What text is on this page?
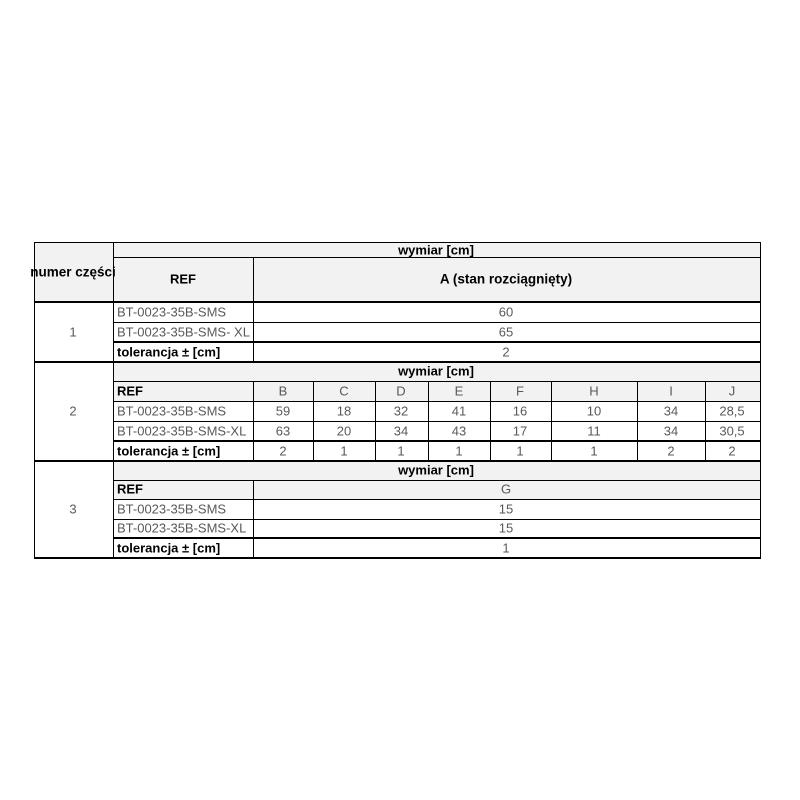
numer części
1
wymiar [cm]
REF	A (stan rozciągnięty)
BT-0023-35B-SMS	60
BT-0023-35B-SMS- XL	65
tolerancja ± [cm]	2
2
wymiar [cm]
REF	B	C	D	E	F	H	I	J
BT-0023-35B-SMS	59	18	32	41	16	10	34	28,5
BT-0023-35B-SMS-XL 63	20	34	43	17	11	34	30,5
tolerancja ± [cm]	2	1	1	1	1	1	2	2
3
wymiar [cm]
REF	G
BT-0023-35B-SMS	15
BT-0023-35B-SMS-XL	15
tolerancja ± [cm]	1
